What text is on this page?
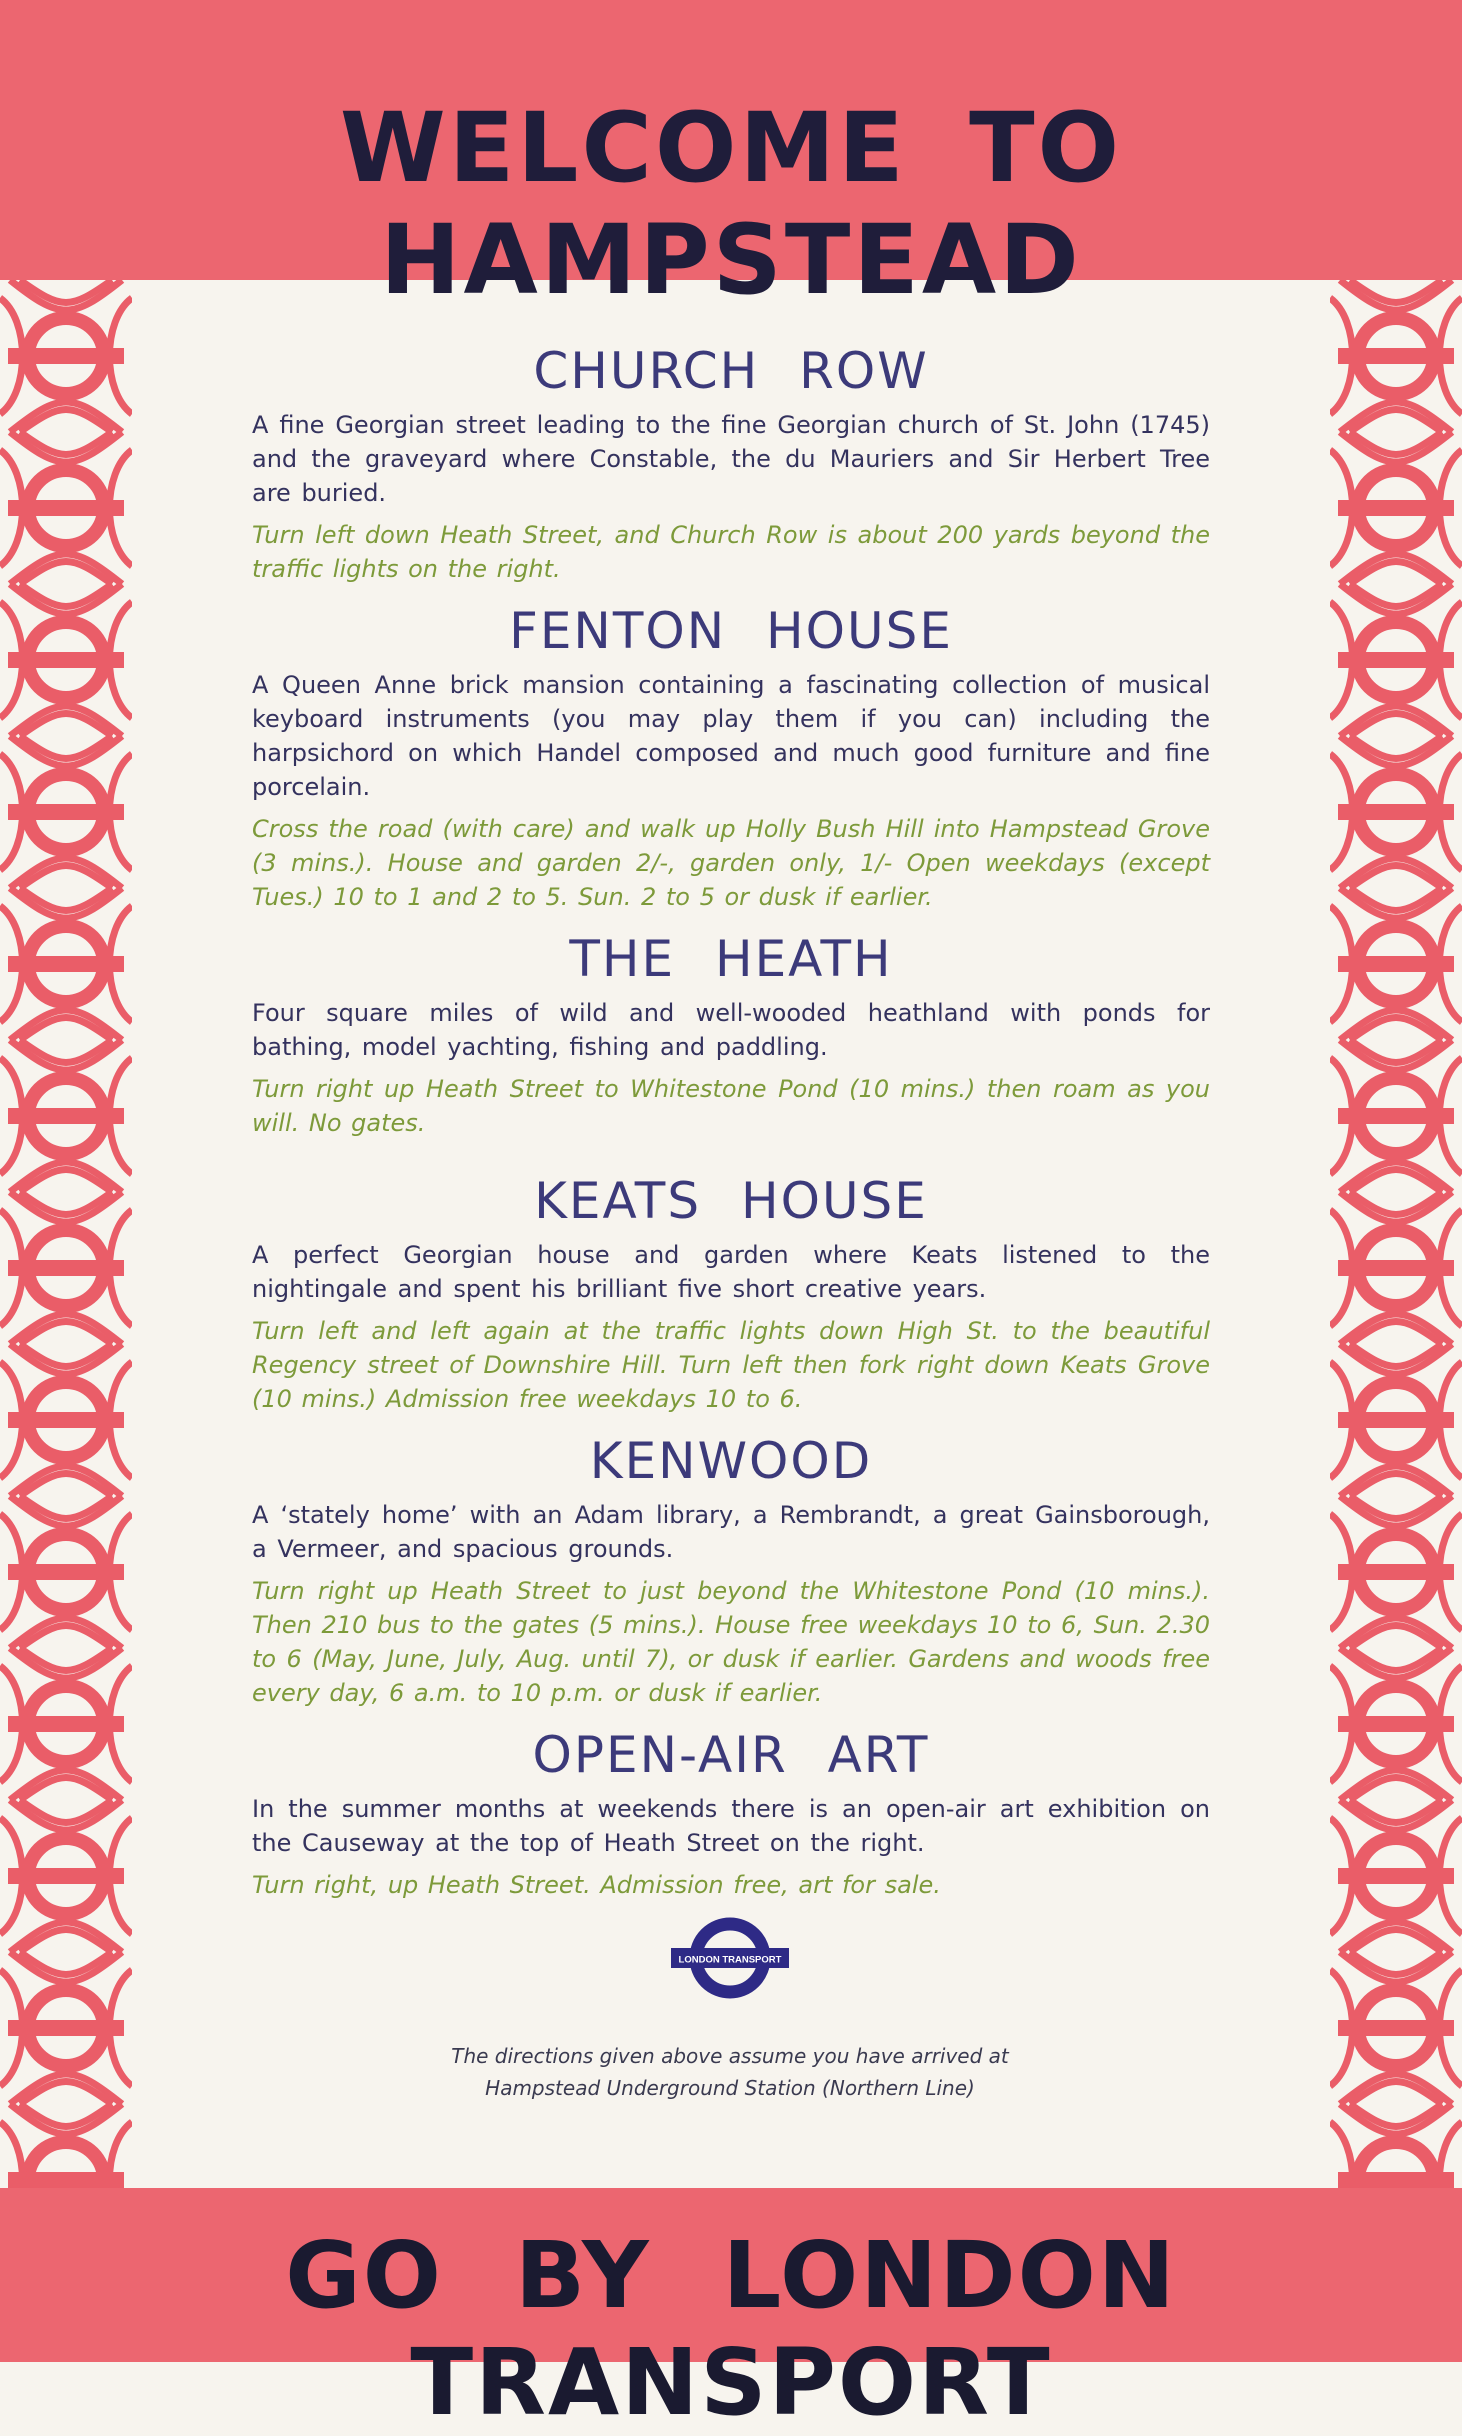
WELCOME TO HAMPSTEAD
CHURCH ROW

A fine Georgian street leading to the fine Georgian church of St. John (1745) and the graveyard where Constable, the du Mauriers and Sir Herbert Tree are buried.

Turn left down Heath Street, and Church Row is about 200 yards beyond the traffic lights on the right.

FENTON HOUSE

A Queen Anne brick mansion containing a fascinating collection of musical keyboard instruments (you may play them if you can) including the harpsichord on which Handel composed and much good furniture and fine porcelain.

Cross the road (with care) and walk up Holly Bush Hill into Hampstead Grove (3 mins.). House and garden 2/-, garden only, 1/- Open weekdays (except Tues.) 10 to 1 and 2 to 5. Sun. 2 to 5 or dusk if earlier.

THE HEATH

Four square miles of wild and well-wooded heathland with ponds for bathing, model yachting, fishing and paddling.

Turn right up Heath Street to Whitestone Pond (10 mins.) then roam as you will. No gates.

KEATS HOUSE

A perfect Georgian house and garden where Keats listened to the nightingale and spent his brilliant five short creative years.

Turn left and left again at the traffic lights down High St. to the beautiful Regency street of Downshire Hill. Turn left then fork right down Keats Grove (10 mins.) Admission free weekdays 10 to 6.

KENWOOD

A ‘stately home’ with an Adam library, a Rembrandt, a great Gainsborough, a Vermeer, and spacious grounds.

Turn right up Heath Street to just beyond the Whitestone Pond (10 mins.). Then 210 bus to the gates (5 mins.). House free weekdays 10 to 6, Sun. 2.30 to 6 (May, June, July, Aug. until 7), or dusk if earlier. Gardens and woods free every day, 6 a.m. to 10 p.m. or dusk if earlier.

OPEN-AIR ART

In the summer months at weekends there is an open-air art exhibition on the Causeway at the top of Heath Street on the right.

Turn right, up Heath Street. Admission free, art for sale.

LONDON TRANSPORT
The directions given above assume you have arrived at
Hampstead Underground Station (Northern Line)
GO BY LONDON TRANSPORT
